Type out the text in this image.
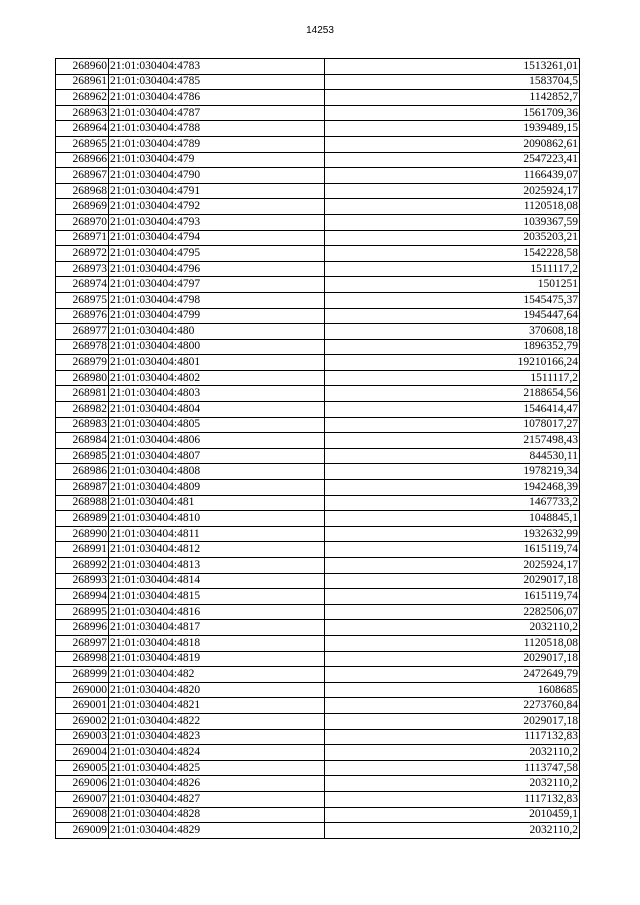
14253
268960	21:01:030404:4783	1513261,01
268961	21:01:030404:4785	1583704,5
268962	21:01:030404:4786	1142852,7
268963	21:01:030404:4787	1561709,36
268964	21:01:030404:4788	1939489,15
268965	21:01:030404:4789	2090862,61
268966	21:01:030404:479	2547223,41
268967	21:01:030404:4790	1166439,07
268968	21:01:030404:4791	2025924,17
268969	21:01:030404:4792	1120518,08
268970	21:01:030404:4793	1039367,59
268971	21:01:030404:4794	2035203,21
268972	21:01:030404:4795	1542228,58
268973	21:01:030404:4796	1511117,2
268974	21:01:030404:4797	1501251
268975	21:01:030404:4798	1545475,37
268976	21:01:030404:4799	1945447,64
268977	21:01:030404:480	370608,18
268978	21:01:030404:4800	1896352,79
268979	21:01:030404:4801	19210166,24
268980	21:01:030404:4802	1511117,2
268981	21:01:030404:4803	2188654,56
268982	21:01:030404:4804	1546414,47
268983	21:01:030404:4805	1078017,27
268984	21:01:030404:4806	2157498,43
268985	21:01:030404:4807	844530,11
268986	21:01:030404:4808	1978219,34
268987	21:01:030404:4809	1942468,39
268988	21:01:030404:481	1467733,2
268989	21:01:030404:4810	1048845,1
268990	21:01:030404:4811	1932632,99
268991	21:01:030404:4812	1615119,74
268992	21:01:030404:4813	2025924,17
268993	21:01:030404:4814	2029017,18
268994	21:01:030404:4815	1615119,74
268995	21:01:030404:4816	2282506,07
268996	21:01:030404:4817	2032110,2
268997	21:01:030404:4818	1120518,08
268998	21:01:030404:4819	2029017,18
268999	21:01:030404:482	2472649,79
269000	21:01:030404:4820	1608685
269001	21:01:030404:4821	2273760,84
269002	21:01:030404:4822	2029017,18
269003	21:01:030404:4823	1117132,83
269004	21:01:030404:4824	2032110,2
269005	21:01:030404:4825	1113747,58
269006	21:01:030404:4826	2032110,2
269007	21:01:030404:4827	1117132,83
269008	21:01:030404:4828	2010459,1
269009	21:01:030404:4829	2032110,2
